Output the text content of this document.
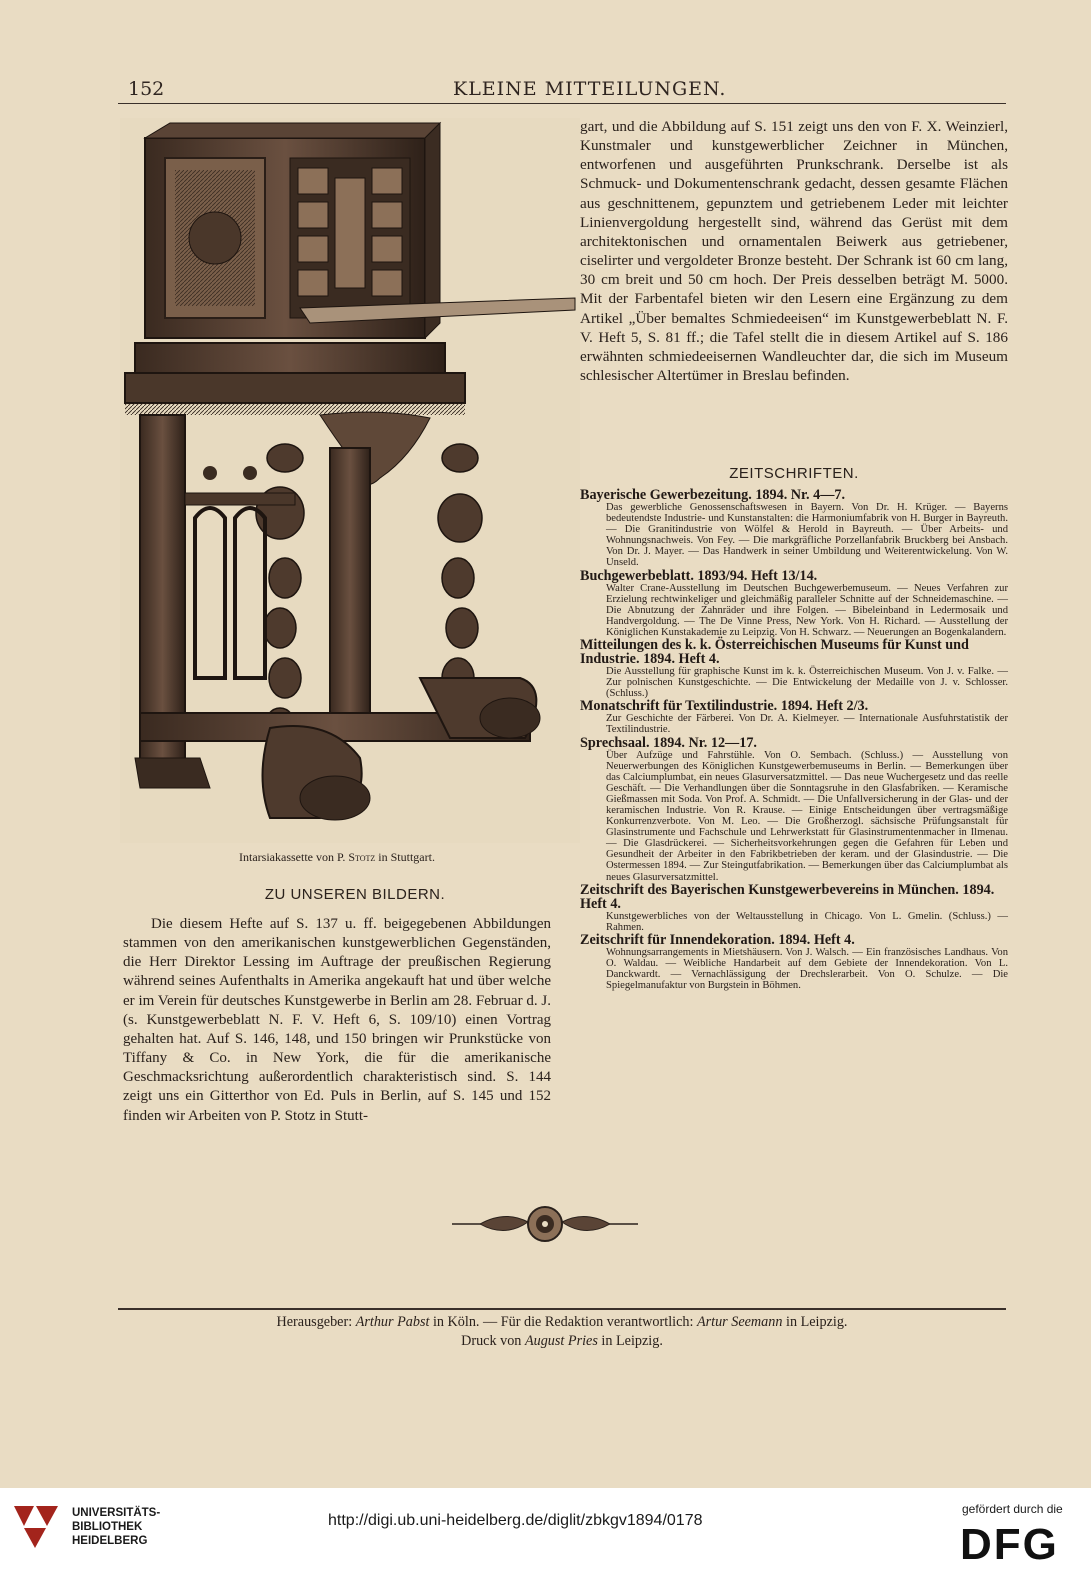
152	KLEINE MITTEILUNGEN.
Intarsiakassette von P. Stotz in Stuttgart.

gart, und die Abbildung auf S. 151 zeigt uns den von F. X. Weinzierl, Kunstmaler und kunstgewerblicher Zeichner in München, entworfenen und ausgeführten Prunkschrank. Derselbe ist als Schmuck- und Dokumentenschrank gedacht, dessen gesamte Flächen aus geschnittenem, gepunztem und getriebenem Leder mit leichter Linienvergoldung hergestellt sind, während das Gerüst mit dem architektonischen und ornamentalen Beiwerk aus getriebener, ciselirter und vergoldeter Bronze besteht. Der Schrank ist 60 cm lang, 30 cm breit und 50 cm hoch. Der Preis desselben beträgt M. 5000. Mit der Farbentafel bieten wir den Lesern eine Ergänzung zu dem Artikel „Über bemaltes Schmiedeeisen“ im Kunstgewerbeblatt N. F. V. Heft 5, S. 81 ff.; die Tafel stellt die in diesem Artikel auf S. 186 erwähnten schmiedeeisernen Wandleuchter dar, die sich im Museum schlesischer Altertümer in Breslau befinden.

ZEITSCHRIFTEN.
Bayerische Gewerbezeitung. 1894. Nr. 4—7.
Das gewerbliche Genossenschaftswesen in Bayern. Von Dr. H. Krüger. — Bayerns bedeutendste Industrie- und Kunstanstalten: die Harmoniumfabrik von H. Burger in Bayreuth. — Die Granitindustrie von Wölfel & Herold in Bayreuth. — Über Arbeits- und Wohnungsnachweis. Von Fey. — Die markgräfliche Porzellanfabrik Bruckberg bei Ansbach. Von Dr. J. Mayer. — Das Handwerk in seiner Umbildung und Weiterentwickelung. Von W. Unseld.
Buchgewerbeblatt. 1893/94. Heft 13/14.
Walter Crane-Ausstellung im Deutschen Buchgewerbemuseum. — Neues Verfahren zur Erzielung rechtwinkeliger und gleichmäßig paralleler Schnitte auf der Schneidemaschine. — Die Abnutzung der Zahnräder und ihre Folgen. — Bibeleinband in Ledermosaik und Handvergoldung. — The De Vinne Press, New York. Von H. Richard. — Ausstellung der Königlichen Kunstakademie zu Leipzig. Von H. Schwarz. — Neuerungen an Bogenkalandern.
Mitteilungen des k. k. Österreichischen Museums für Kunst und Industrie. 1894. Heft 4.
Die Ausstellung für graphische Kunst im k. k. Österreichischen Museum. Von J. v. Falke. — Zur polnischen Kunstgeschichte. — Die Entwickelung der Medaille von J. v. Schlosser. (Schluss.)
Monatschrift für Textilindustrie. 1894. Heft 2/3.
Zur Geschichte der Färberei. Von Dr. A. Kielmeyer. — Internationale Ausfuhrstatistik der Textilindustrie.
Sprechsaal. 1894. Nr. 12—17.
Über Aufzüge und Fahrstühle. Von O. Sembach. (Schluss.) — Ausstellung von Neuerwerbungen des Königlichen Kunstgewerbemuseums in Berlin. — Bemerkungen über das Calciumplumbat, ein neues Glasurversatzmittel. — Das neue Wuchergesetz und das reelle Geschäft. — Die Verhandlungen über die Sonntagsruhe in den Glasfabriken. — Keramische Gießmassen mit Soda. Von Prof. A. Schmidt. — Die Unfallversicherung in der Glas- und der keramischen Industrie. Von R. Krause. — Einige Entscheidungen über vertragsmäßige Konkurrenzverbote. Von M. Leo. — Die Großherzogl. sächsische Prüfungsanstalt für Glasinstrumente und Fachschule und Lehrwerkstatt für Glasinstrumentenmacher in Ilmenau. — Die Glasdrückerei. — Sicherheitsvorkehrungen gegen die Gefahren für Leben und Gesundheit der Arbeiter in den Fabrikbetrieben der keram. und der Glasindustrie. — Die Ostermessen 1894. — Zur Steingutfabrikation. — Bemerkungen über das Calciumplumbat als neues Glasurversatzmittel.
Zeitschrift des Bayerischen Kunstgewerbevereins in München. 1894. Heft 4.
Kunstgewerbliches von der Weltausstellung in Chicago. Von L. Gmelin. (Schluss.) — Rahmen.
Zeitschrift für Innendekoration. 1894. Heft 4.
Wohnungsarrangements in Mietshäusern. Von J. Walsch. — Ein französisches Landhaus. Von O. Waldau. — Weibliche Handarbeit auf dem Gebiete der Innendekoration. Von L. Danckwardt. — Vernachlässigung der Drechslerarbeit. Von O. Schulze. — Die Spiegelmanufaktur von Burgstein in Böhmen.
ZU UNSEREN BILDERN.

Die diesem Hefte auf S. 137 u. ff. beigegebenen Abbildungen stammen von den amerikanischen kunstgewerblichen Gegenständen, die Herr Direktor Lessing im Auftrage der preußischen Regierung während seines Aufenthalts in Amerika angekauft hat und über welche er im Verein für deutsches Kunstgewerbe in Berlin am 28. Februar d. J. (s. Kunstgewerbeblatt N. F. V. Heft 6, S. 109/10) einen Vortrag gehalten hat. Auf S. 146, 148, und 150 bringen wir Prunkstücke von Tiffany & Co. in New York, die für die amerikanische Geschmacksrichtung außerordentlich charakteristisch sind. S. 144 zeigt uns ein Gitterthor von Ed. Puls in Berlin, auf S. 145 und 152 finden wir Arbeiten von P. Stotz in Stutt-

Herausgeber: Arthur Pabst in Köln. — Für die Redaktion verantwortlich: Artur Seemann in Leipzig.
Druck von August Pries in Leipzig.
UNIVERSITÄTS-
BIBLIOTHEK
HEIDELBERG
http://digi.ub.uni-heidelberg.de/diglit/zbkgv1894/0178
gefördert durch die
DFG
